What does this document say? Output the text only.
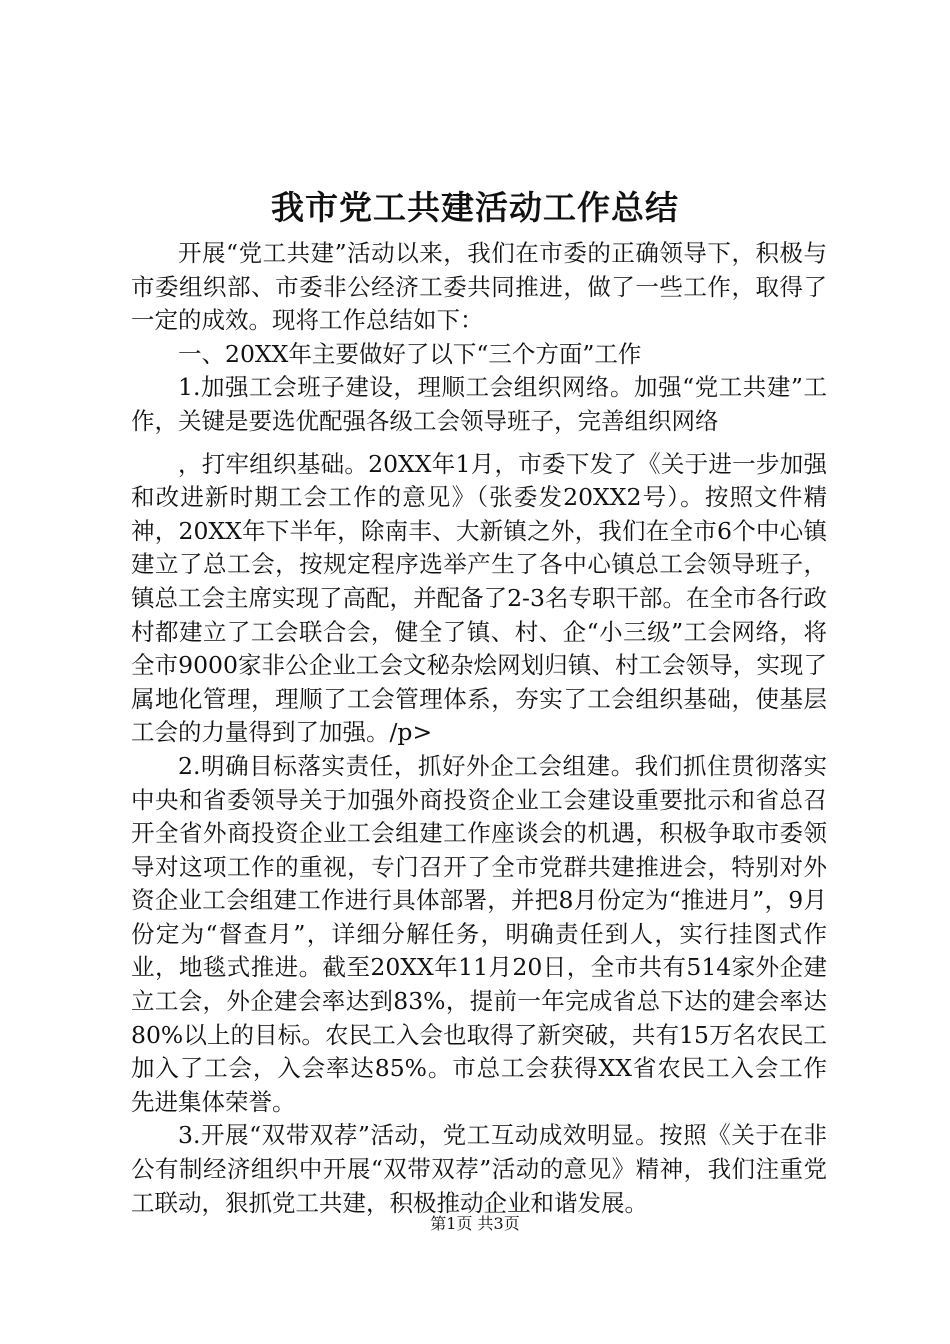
我市党工共建活动工作总结

开展“党工共建”活动以来，我们在市委的正确领导下，积极与市委组织部、市委非公经济工委共同推进，做了一些工作，取得了一定的成效。现将工作总结如下：

一、20XX年主要做好了以下“三个方面”工作

1.加强工会班子建设，理顺工会组织网络。加强“党工共建”工作，关键是要选优配强各级工会领导班子，完善组织网络

，打牢组织基础。20XX年1月，市委下发了《关于进一步加强和改进新时期工会工作的意见》（张委发20XX2号）。按照文件精神，20XX年下半年，除南丰、大新镇之外，我们在全市6个中心镇建立了总工会，按规定程序选举产生了各中心镇总工会领导班子，镇总工会主席实现了高配，并配备了2-3名专职干部。在全市各行政村都建立了工会联合会，健全了镇、村、企“小三级”工会网络，将全市9000家非公企业工会文秘杂烩网划归镇、村工会领导，实现了属地化管理，理顺了工会管理体系，夯实了工会组织基础，使基层工会的力量得到了加强。/p>

2.明确目标落实责任，抓好外企工会组建。我们抓住贯彻落实中央和省委领导关于加强外商投资企业工会建设重要批示和省总召开全省外商投资企业工会组建工作座谈会的机遇，积极争取市委领导对这项工作的重视，专门召开了全市党群共建推进会，特别对外资企业工会组建工作进行具体部署，并把8月份定为“推进月”，9月份定为“督查月”，详细分解任务，明确责任到人，实行挂图式作业，地毯式推进。截至20XX年11月20日，全市共有514家外企建立工会，外企建会率达到83%，提前一年完成省总下达的建会率达80%以上的目标。农民工入会也取得了新突破，共有15万名农民工加入了工会，入会率达85%。市总工会获得XX省农民工入会工作先进集体荣誉。

3.开展“双带双荐”活动，党工互动成效明显。按照《关于在非公有制经济组织中开展“双带双荐”活动的意见》精神，我们注重党工联动，狠抓党工共建，积极推动企业和谐发展。

第1页 共3页
